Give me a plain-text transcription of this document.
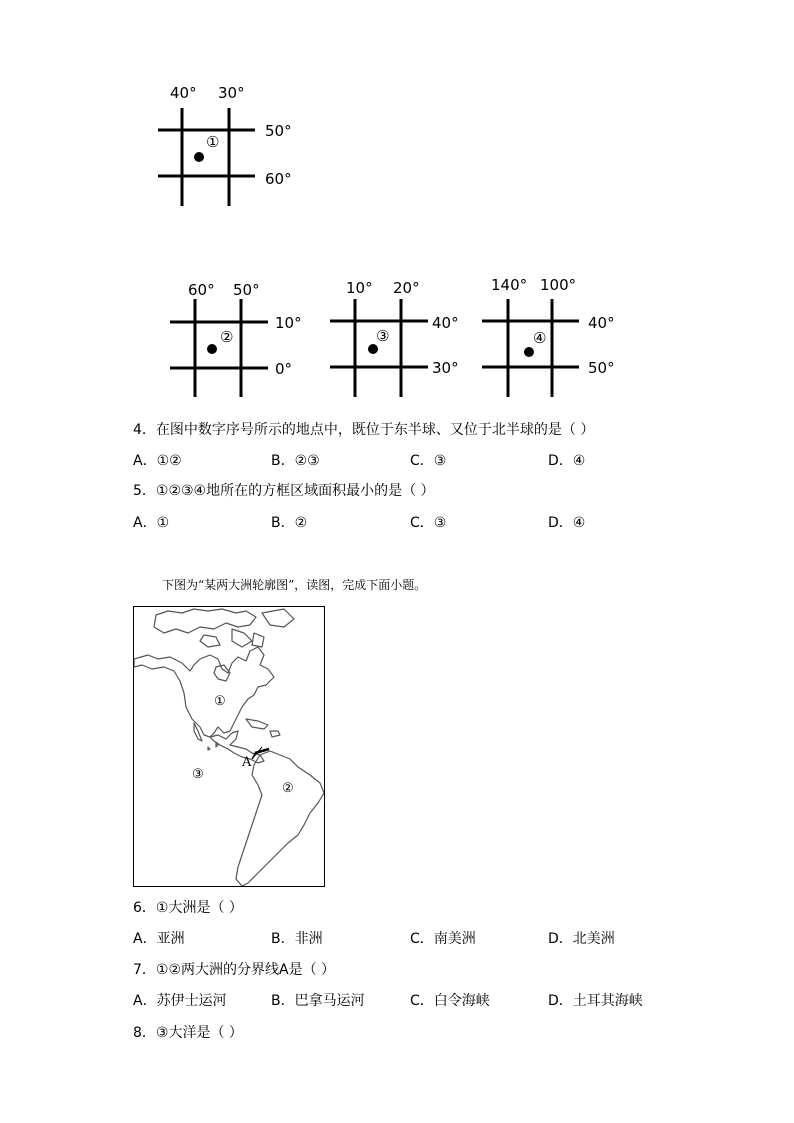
40° 30°
50°
60°
①
60° 50°
10°
0°
②
10° 20°
40°
30°
③
140° 100°
40°
50°
④
4．在图中数字序号所示的地点中，既位于东半球、又位于北半球的是（ ）
A．①②	B．②③	C．③	D．④
5．①②③④地所在的方框区域面积最小的是（ ）
A．①	B．②	C．③	D．④
下图为“某两大洲轮廓图”，读图，完成下面小题。
①
②
③
A
6．①大洲是（ ）
A．亚洲	B．非洲	C．南美洲	D．北美洲
7．①②两大洲的分界线A是（ ）
A．苏伊士运河	B．巴拿马运河	C．白令海峡	D．土耳其海峡
8．③大洋是（ ）
